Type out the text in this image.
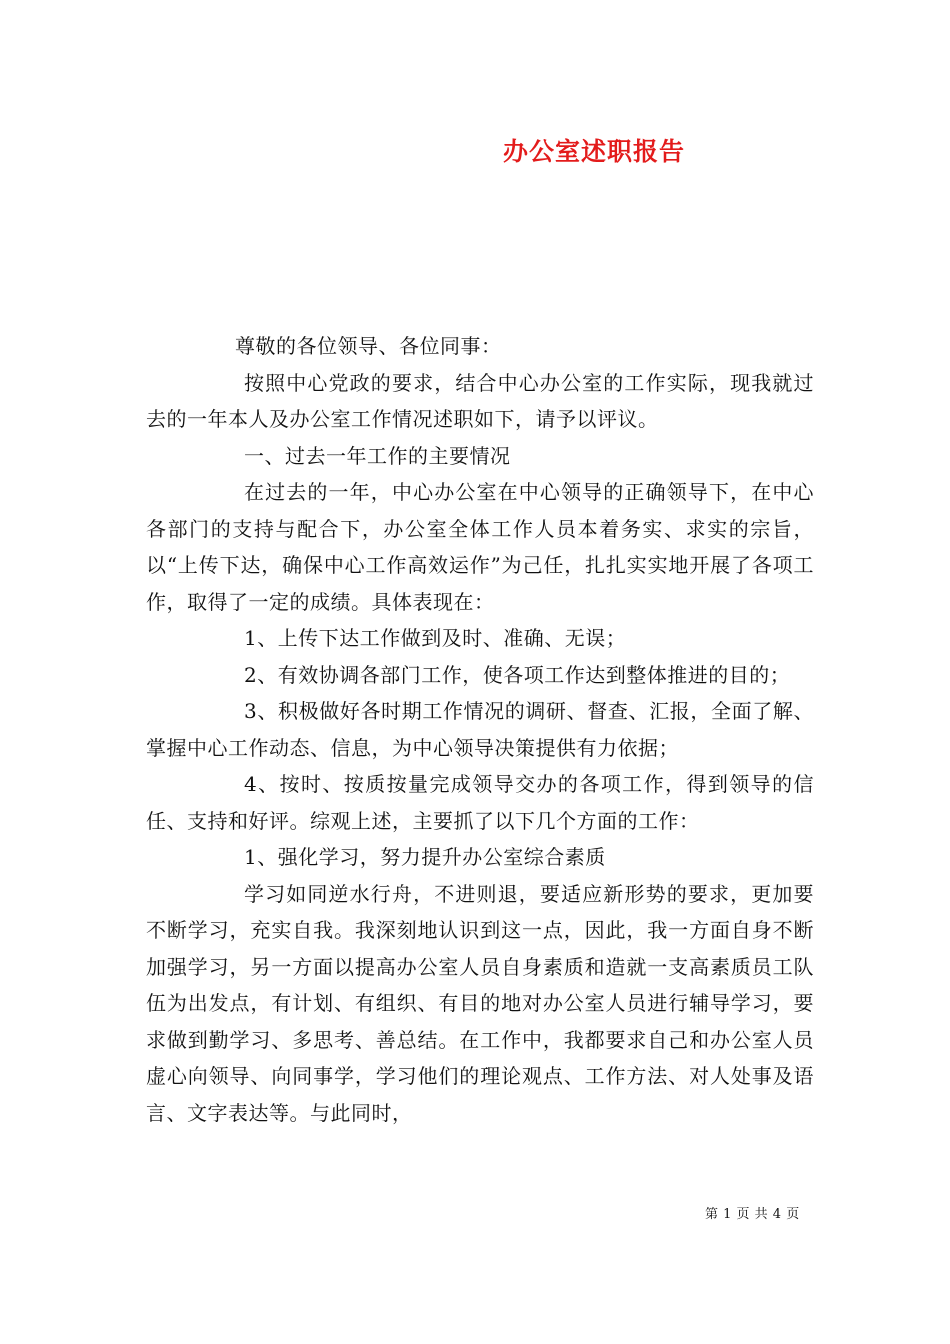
办公室述职报告

尊敬的各位领导、各位同事：

按照中心党政的要求，结合中心办公室的工作实际，现我就过去的一年本人及办公室工作情况述职如下，请予以评议。

一、过去一年工作的主要情况

在过去的一年，中心办公室在中心领导的正确领导下，在中心各部门的支持与配合下，办公室全体工作人员本着务实、求实的宗旨，以“上传下达，确保中心工作高效运作”为己任，扎扎实实地开展了各项工作，取得了一定的成绩。具体表现在：

1、上传下达工作做到及时、准确、无误；

2、有效协调各部门工作，使各项工作达到整体推进的目的；

3、积极做好各时期工作情况的调研、督查、汇报，全面了解、掌握中心工作动态、信息，为中心领导决策提供有力依据；

4、按时、按质按量完成领导交办的各项工作，得到领导的信任、支持和好评。综观上述，主要抓了以下几个方面的工作：

1、强化学习，努力提升办公室综合素质

学习如同逆水行舟，不进则退，要适应新形势的要求，更加要不断学习，充实自我。我深刻地认识到这一点，因此，我一方面自身不断加强学习，另一方面以提高办公室人员自身素质和造就一支高素质员工队伍为出发点，有计划、有组织、有目的地对办公室人员进行辅导学习，要求做到勤学习、多思考、善总结。在工作中，我都要求自己和办公室人员虚心向领导、向同事学，学习他们的理论观点、工作方法、对人处事及语言、文字表达等。与此同时，

第 1 页 共 4 页
